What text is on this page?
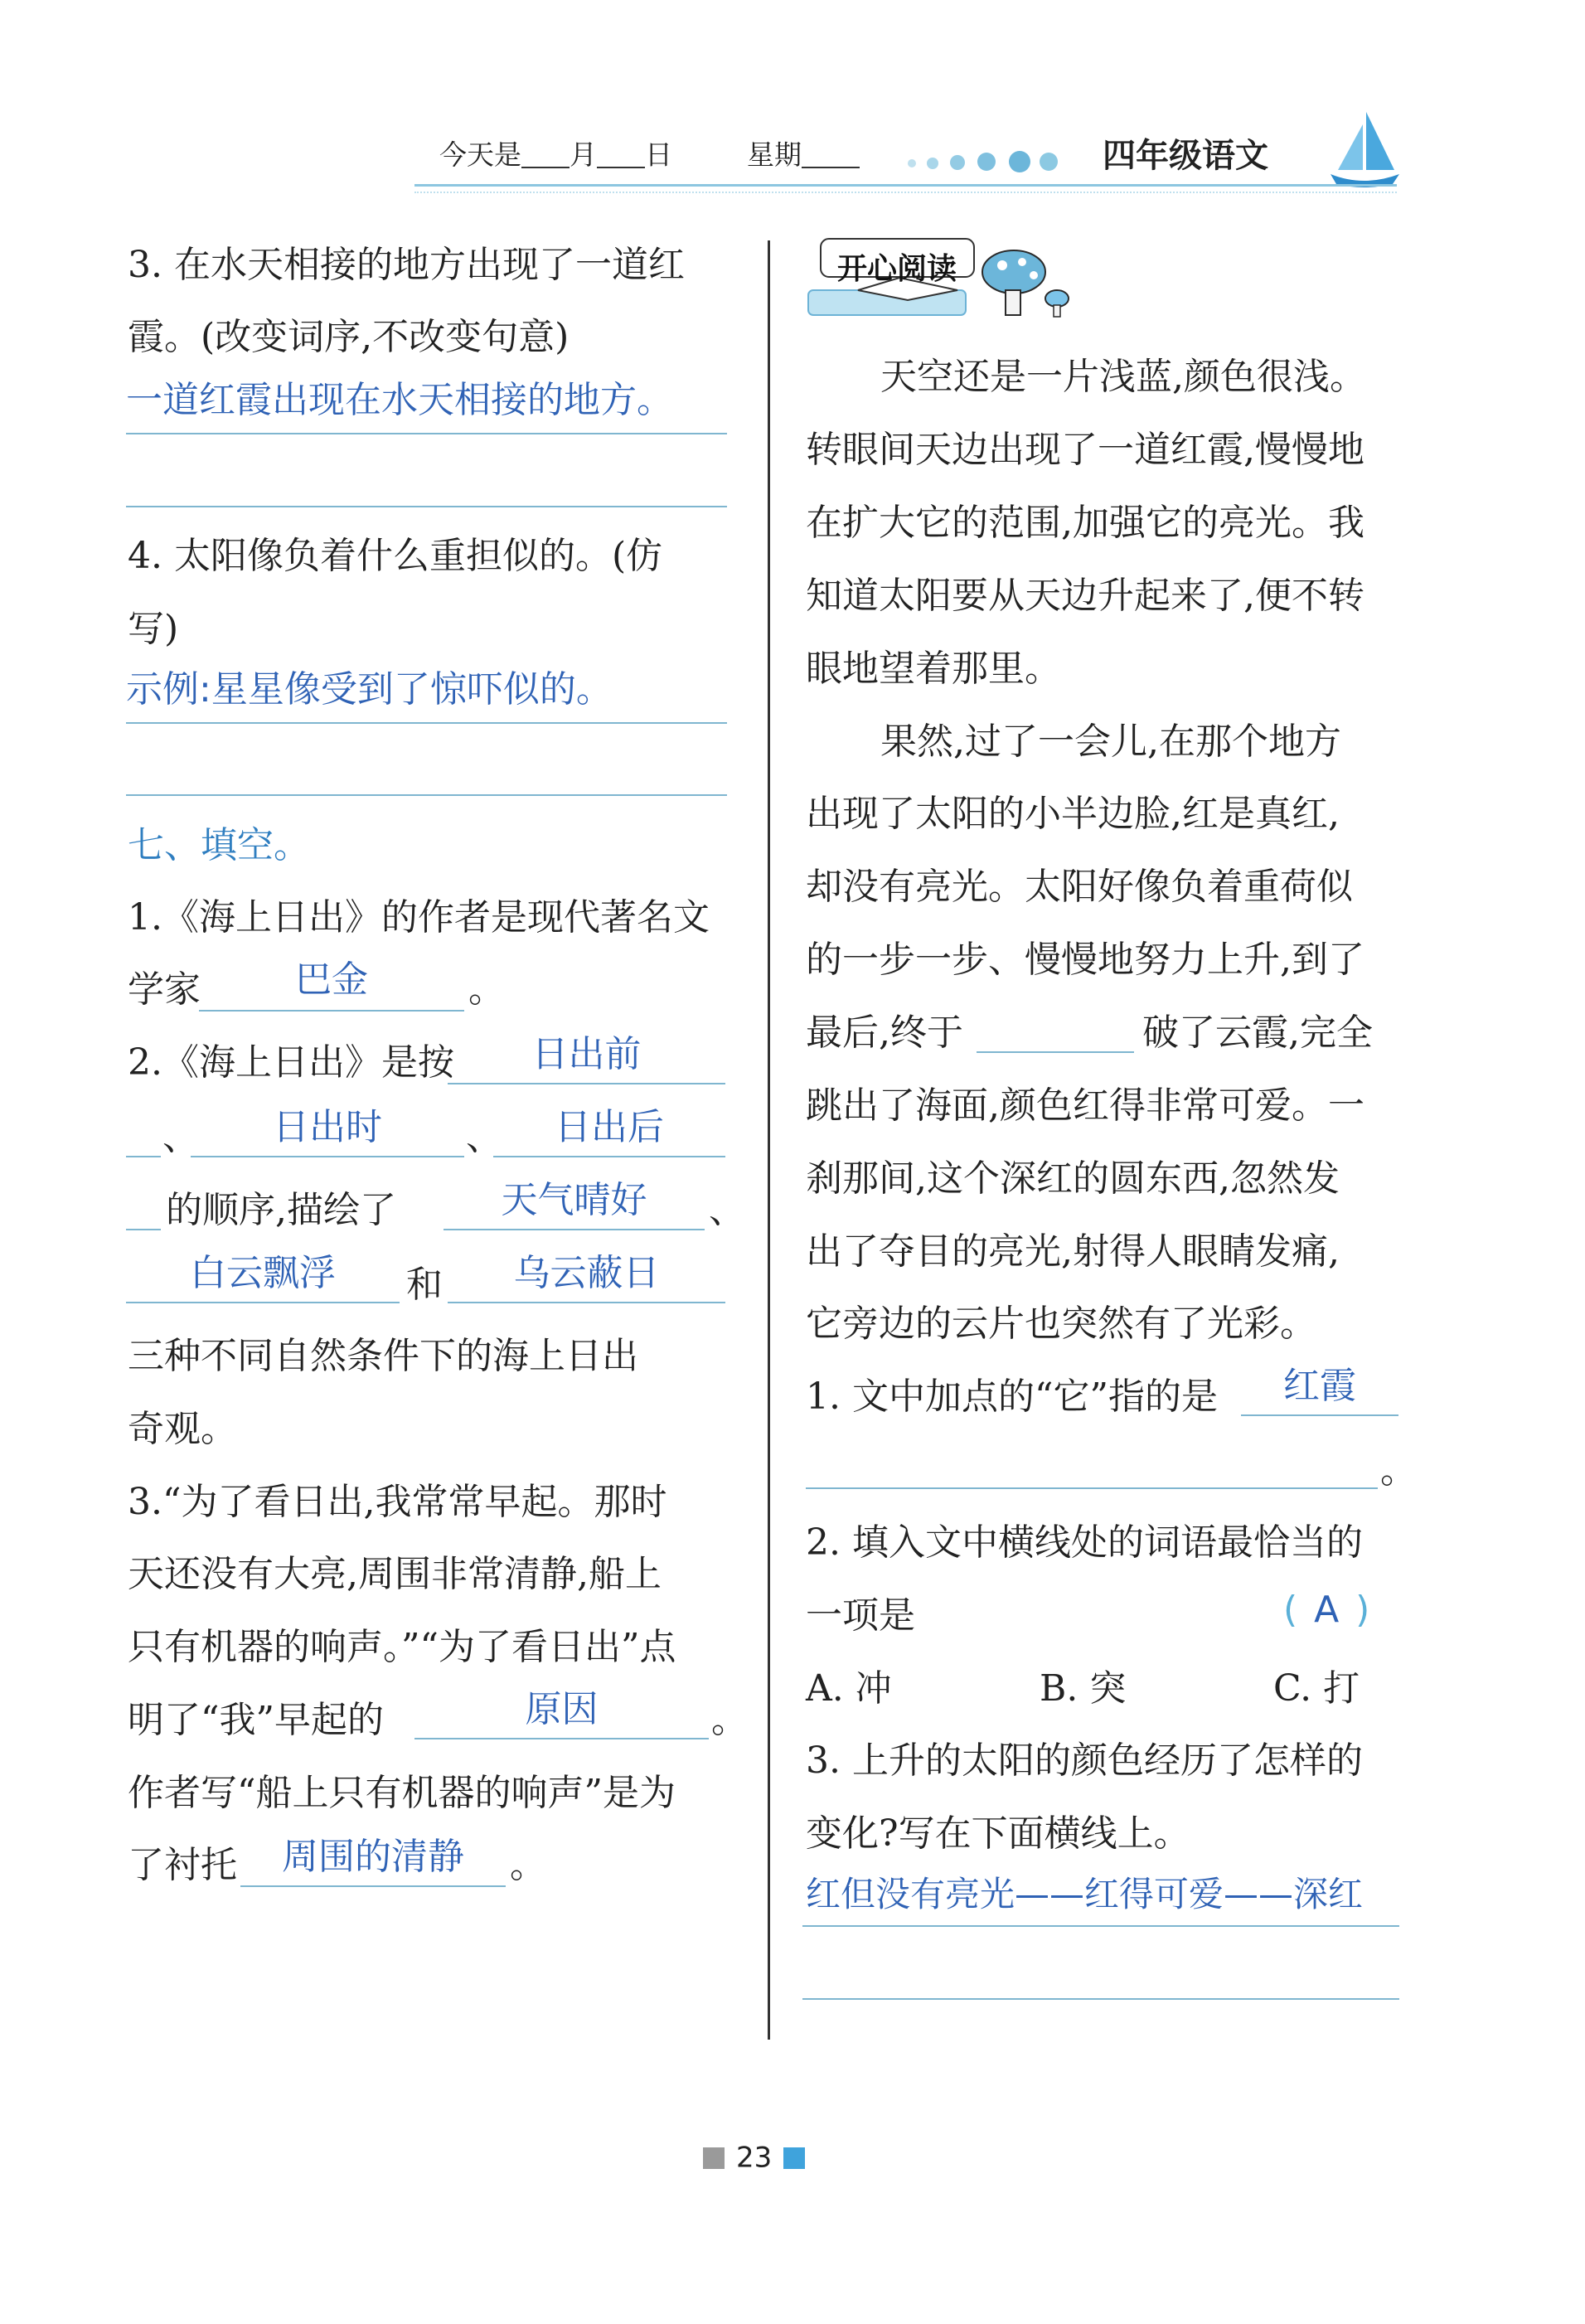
今天是 月 日	星期	四年级语文
3. 在水天相接的地方出现了一道红
霞。(改变词序,不改变句意)
一道红霞出现在水天相接的地方。
4. 太阳像负着什么重担似的。(仿
写)
示例:星星像受到了惊吓似的。
七、填空。
1.《海上日出》的作者是现代著名文
学家	巴金	。
2.《海上日出》是按	日出前
、	日出时	、	日出后
的顺序,描绘了	天气晴好	、
白云飘浮	和	乌云蔽日
三种不同自然条件下的海上日出
奇观。
3.“为了看日出,我常常早起。那时
天还没有大亮,周围非常清静,船上
只有机器的响声。”“为了看日出”点
明了“我”早起的	原因	。
作者写“船上只有机器的响声”是为
了衬托	周围的清静	。
开心阅读
天空还是一片浅蓝,颜色很浅。
转眼间天边出现了一道红霞,慢慢地
在扩大它的范围,加强它的亮光。我
知道太阳要从天边升起来了,便不转
眼地望着那里。
果然,过了一会儿,在那个地方
出现了太阳的小半边脸,红是真红,
却没有亮光。太阳好像负着重荷似
的一步一步、慢慢地努力上升,到了
最后,终于	破了云霞,完全
跳出了海面,颜色红得非常可爱。一
刹那间,这个深红的圆东西,忽然发
出了夺目的亮光,射得人眼睛发痛,
它旁边的云片也突然有了光彩。
1. 文中加点的“它”指的是	红霞
。
2. 填入文中横线处的词语最恰当的
一项是	( A )
A. 冲	B. 突	C. 打
3. 上升的太阳的颜色经历了怎样的
变化?写在下面横线上。
红但没有亮光——红得可爱——深红
23
